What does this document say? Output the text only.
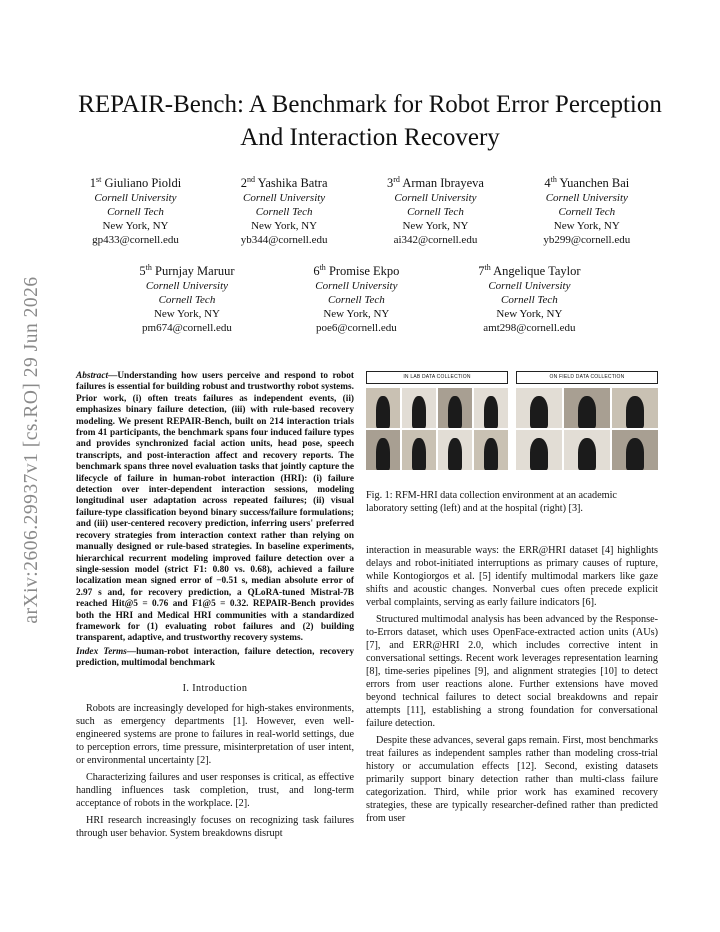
arXiv:2606.29937v1 [cs.RO] 29 Jun 2026
REPAIR-Bench: A Benchmark for Robot Error Perception And Interaction Recovery
1st Giuliano Pioldi
Cornell University
Cornell Tech
New York, NY
gp433@cornell.edu
2nd Yashika Batra
Cornell University
Cornell Tech
New York, NY
yb344@cornell.edu
3rd Arman Ibrayeva
Cornell University
Cornell Tech
New York, NY
ai342@cornell.edu
4th Yuanchen Bai
Cornell University
Cornell Tech
New York, NY
yb299@cornell.edu
5th Purnjay Maruur
Cornell University
Cornell Tech
New York, NY
pm674@cornell.edu
6th Promise Ekpo
Cornell University
Cornell Tech
New York, NY
poe6@cornell.edu
7th Angelique Taylor
Cornell University
Cornell Tech
New York, NY
amt298@cornell.edu

Abstract—Understanding how users perceive and respond to robot failures is essential for building robust and trustworthy robot systems. Prior work, (i) often treats failures as independent events, (ii) emphasizes binary failure detection, (iii) with rule-based recovery modeling. We present REPAIR-Bench, built on 214 interaction trials from 41 participants, the benchmark spans four induced failure types and provides synchronized facial action units, head pose, speech transcripts, and post-interaction affect and recovery reports. The benchmark spans three novel evaluation tasks that jointly capture the lifecycle of failure in human-robot interaction (HRI): (i) failure detection over inter-dependent interaction sessions, modeling longitudinal user adaptation across repeated failures; (ii) visual failure-type classification beyond binary success/failure formulations; and (iii) user-centered recovery prediction, inferring users' preferred recovery strategies from interaction context rather than relying on manually designed or rule-based strategies. In baseline experiments, hierarchical recurrent modeling improved failure detection over a single-session model (strict F1: 0.80 vs. 0.68), achieved a failure localization mean signed error of −0.51 s, median absolute error of 2.97 s and, for recovery prediction, a QLoRA-tuned Mistral-7B reached Hit@5 = 0.76 and F1@5 = 0.32. REPAIR-Bench provides both the HRI and Medical HRI communities with a standardized framework for (1) evaluating robot failures and (2) building transparent, adaptive, and trustworthy recovery systems.

Index Terms—human-robot interaction, failure detection, recovery prediction, multimodal benchmark

I. Introduction

Robots are increasingly developed for high-stakes environments, such as emergency departments [1]. However, even well-engineered systems are prone to failures in real-world settings, due to perception errors, time pressure, misinterpretation of user intent, or environmental uncertainty [2].

Characterizing failures and user responses is critical, as effective handling influences task completion, trust, and long-term acceptance of robots in the workplace. [2].

HRI research increasingly focuses on recognizing task failures through user behavior. System breakdowns disrupt

IN LAB DATA COLLECTION	ON FIELD DATA COLLECTION
Fig. 1: RFM-HRI data collection environment at an academic laboratory setting (left) and at the hospital (right) [3].

interaction in measurable ways: the ERR@HRI dataset [4] highlights delays and robot-initiated interruptions as primary causes of rupture, while Kontogiorgos et al. [5] identify multimodal markers like gaze shifts and acoustic changes. Nonverbal cues often precede explicit verbal complaints, serving as early failure indicators [6].

Structured multimodal analysis has been advanced by the Response-to-Errors dataset, which uses OpenFace-extracted action units (AUs) [7], and ERR@HRI 2.0, which includes corrective intent in conversational settings. Recent work leverages representation learning [8], time-series pipelines [9], and alignment strategies [10] to detect errors from user reactions alone. Further extensions have moved beyond technical failures to detect social breakdowns and repair attempts [11], establishing a strong foundation for conversational failure detection.

Despite these advances, several gaps remain. First, most benchmarks treat failures as independent samples rather than modeling cross-trial history or accumulation effects [12]. Second, existing datasets primarily support binary detection rather than multi-class failure categorization. Third, while prior work has examined recovery strategies, these are typically researcher-defined rather than predicted from user
